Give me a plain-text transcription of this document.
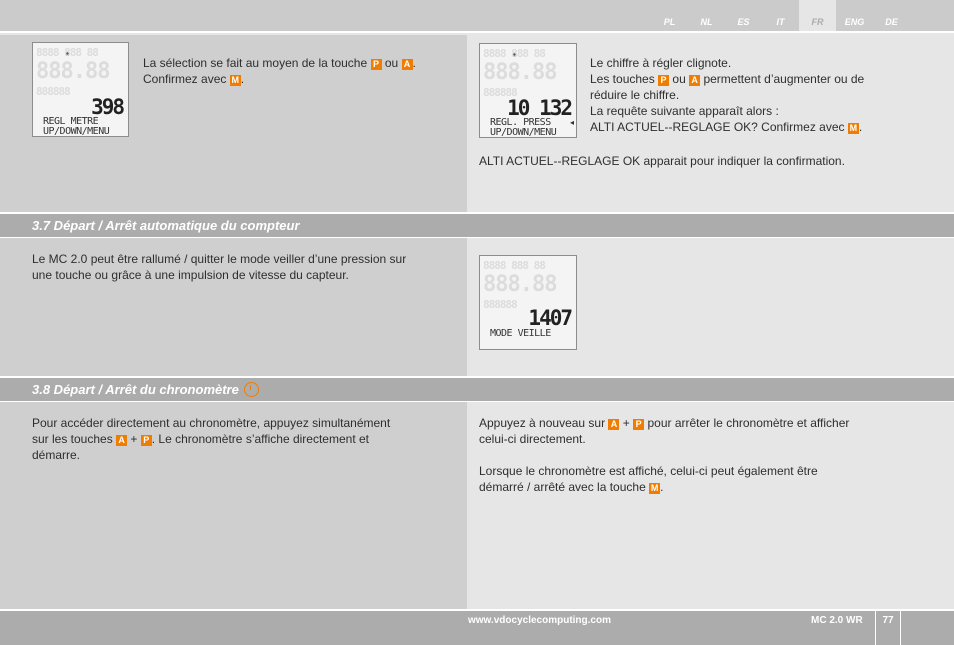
PL	NL	ES	IT	FR	ENG	DE
8888 888 88
888.88
888888
398
REGL METRE
UP/DOWN/MENU
La sélection se fait au moyen de la touche P ou A .
Confirmez avec M .
8888 888 88
888.88
888888
10 132
REGL. PRESS
UP/DOWN/MENU
◂
Le chiffre à régler clignote.
Les touches P ou A permettent d’augmenter ou de
réduire le chiffre.
La requête suivante apparaît alors :
ALTI ACTUEL--REGLAGE OK? Confirmez avec M .
ALTI ACTUEL--REGLAGE OK apparait pour indiquer la confirmation.
3.7 Départ / Arrêt automatique du compteur
Le MC 2.0 peut être rallumé / quitter le mode veiller d’une pression sur
une touche ou grâce à une impulsion de vitesse du capteur.
8888 888 88
888.88
888888
1407
MODE VEILLE
3.8 Départ / Arrêt du chronomètre
Pour accéder directement au chronomètre, appuyez simultanément
sur les touches A + P . Le chronomètre s’affiche directement et
démarre.
Appuyez à nouveau sur A + P pour arrêter le chronomètre et afficher
celui-ci directement.

Lorsque le chronomètre est affiché, celui-ci peut également être
démarré / arrêté avec la touche M .
www.vdocyclecomputing.com	MC 2.0 WR	77
